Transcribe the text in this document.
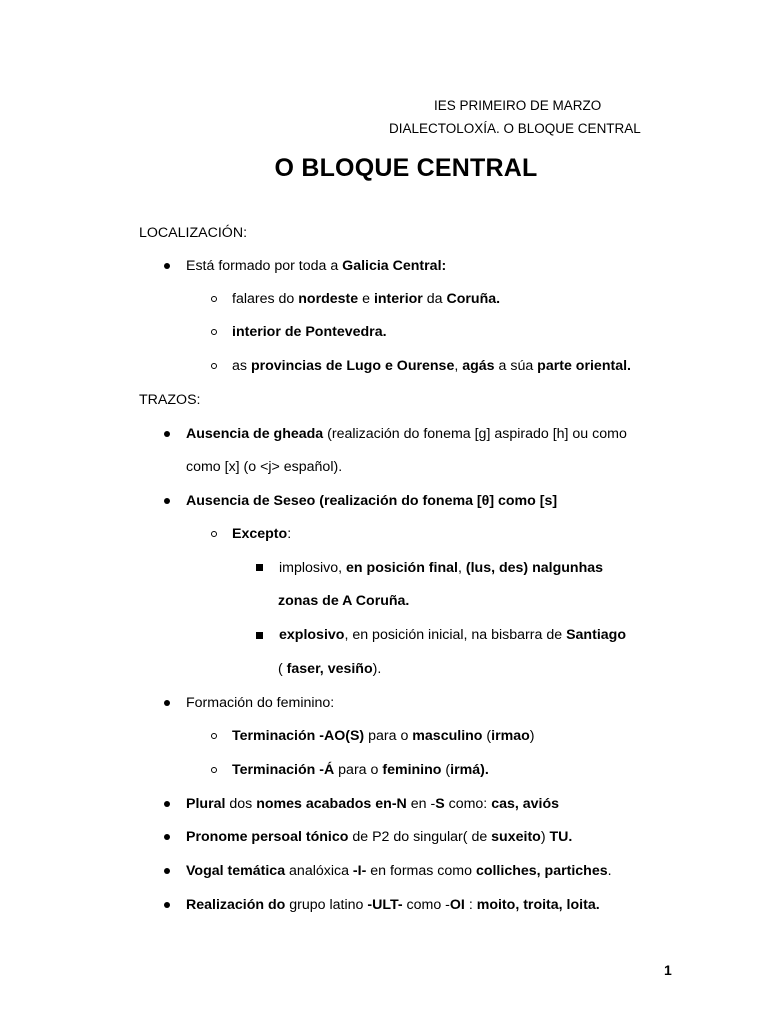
IES PRIMEIRO DE MARZO
DIALECTOLOXÍA. O BLOQUE CENTRAL
O BLOQUE CENTRAL
LOCALIZACIÓN:
Está formado por toda a Galicia Central:
falares do nordeste e interior da Coruña.
interior de Pontevedra.
as provincias de Lugo e Ourense, agás a súa parte oriental.
TRAZOS:
Ausencia de gheada (realización do fonema [g] aspirado [h] ou como
como [x] (o <j> español).
Ausencia de Seseo (realización do fonema [θ] como [s]
Excepto:
implosivo, en posición final, (lus, des) nalgunhas
zonas de A Coruña.
explosivo, en posición inicial, na bisbarra de Santiago
( faser, vesiño).
Formación do feminino:
Terminación -AO(S) para o masculino (irmao)
Terminación -Á para o feminino (irmá).
Plural dos nomes acabados en-N en -S como: cas, aviós
Pronome persoal tónico de P2 do singular( de suxeito) TU.
Vogal temática analóxica -I- en formas como colliches, partiches.
Realización do grupo latino -ULT- como -OI : moito, troita, loita.
1
